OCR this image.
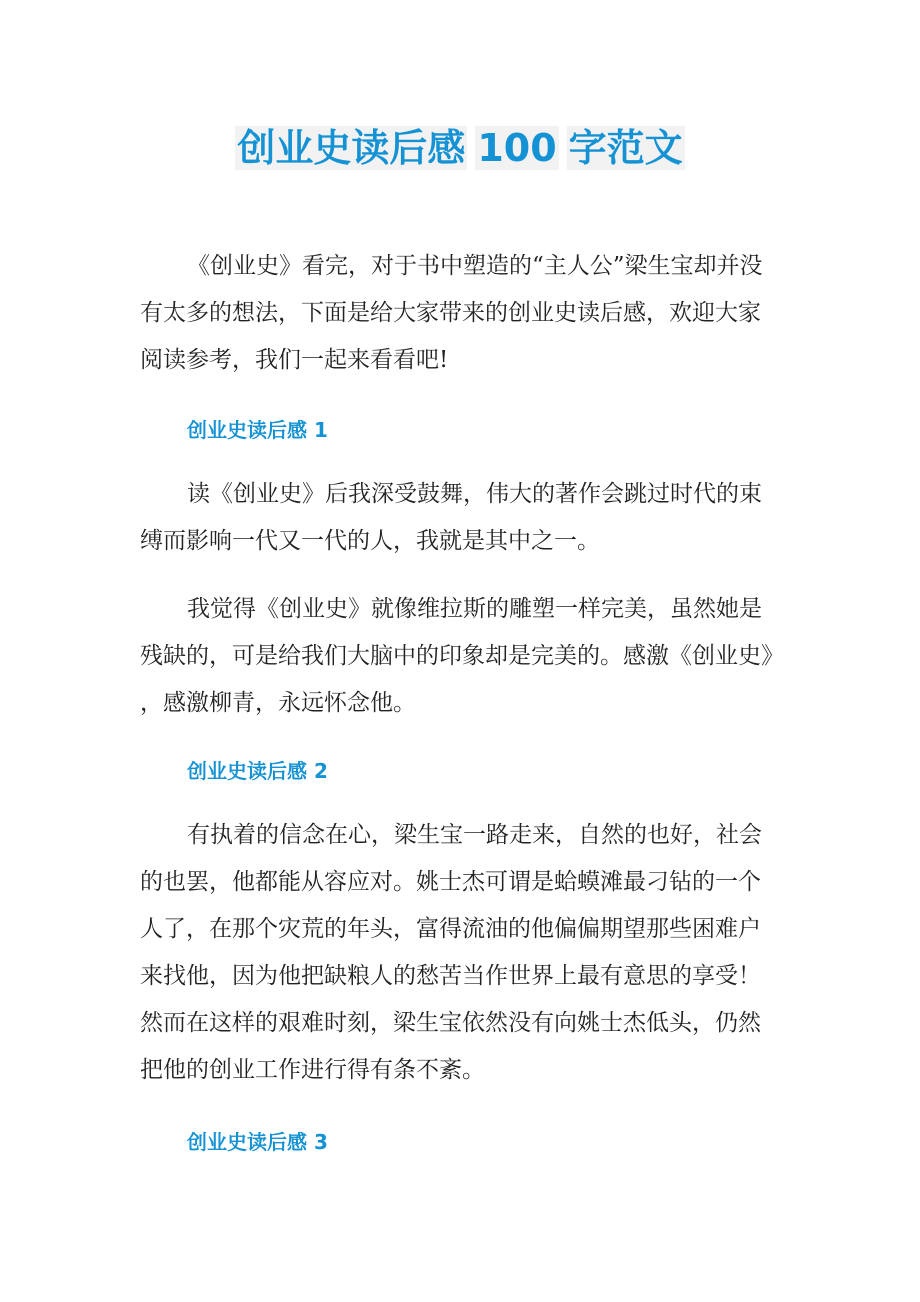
创业史读后感 100 字范文
《创业史》看完，对于书中塑造的“主人公”梁生宝却并没
有太多的想法，下面是给大家带来的创业史读后感，欢迎大家
阅读参考，我们一起来看看吧!
创业史读后感 1
读《创业史》后我深受鼓舞，伟大的著作会跳过时代的束
缚而影响一代又一代的人，我就是其中之一。
我觉得《创业史》就像维拉斯的雕塑一样完美，虽然她是
残缺的，可是给我们大脑中的印象却是完美的。感激《创业史》
，感激柳青，永远怀念他。
创业史读后感 2
有执着的信念在心，梁生宝一路走来，自然的也好，社会
的也罢，他都能从容应对。姚士杰可谓是蛤蟆滩最刁钻的一个
人了，在那个灾荒的年头，富得流油的他偏偏期望那些困难户
来找他，因为他把缺粮人的愁苦当作世界上最有意思的享受！
然而在这样的艰难时刻，梁生宝依然没有向姚士杰低头，仍然
把他的创业工作进行得有条不紊。
创业史读后感 3
